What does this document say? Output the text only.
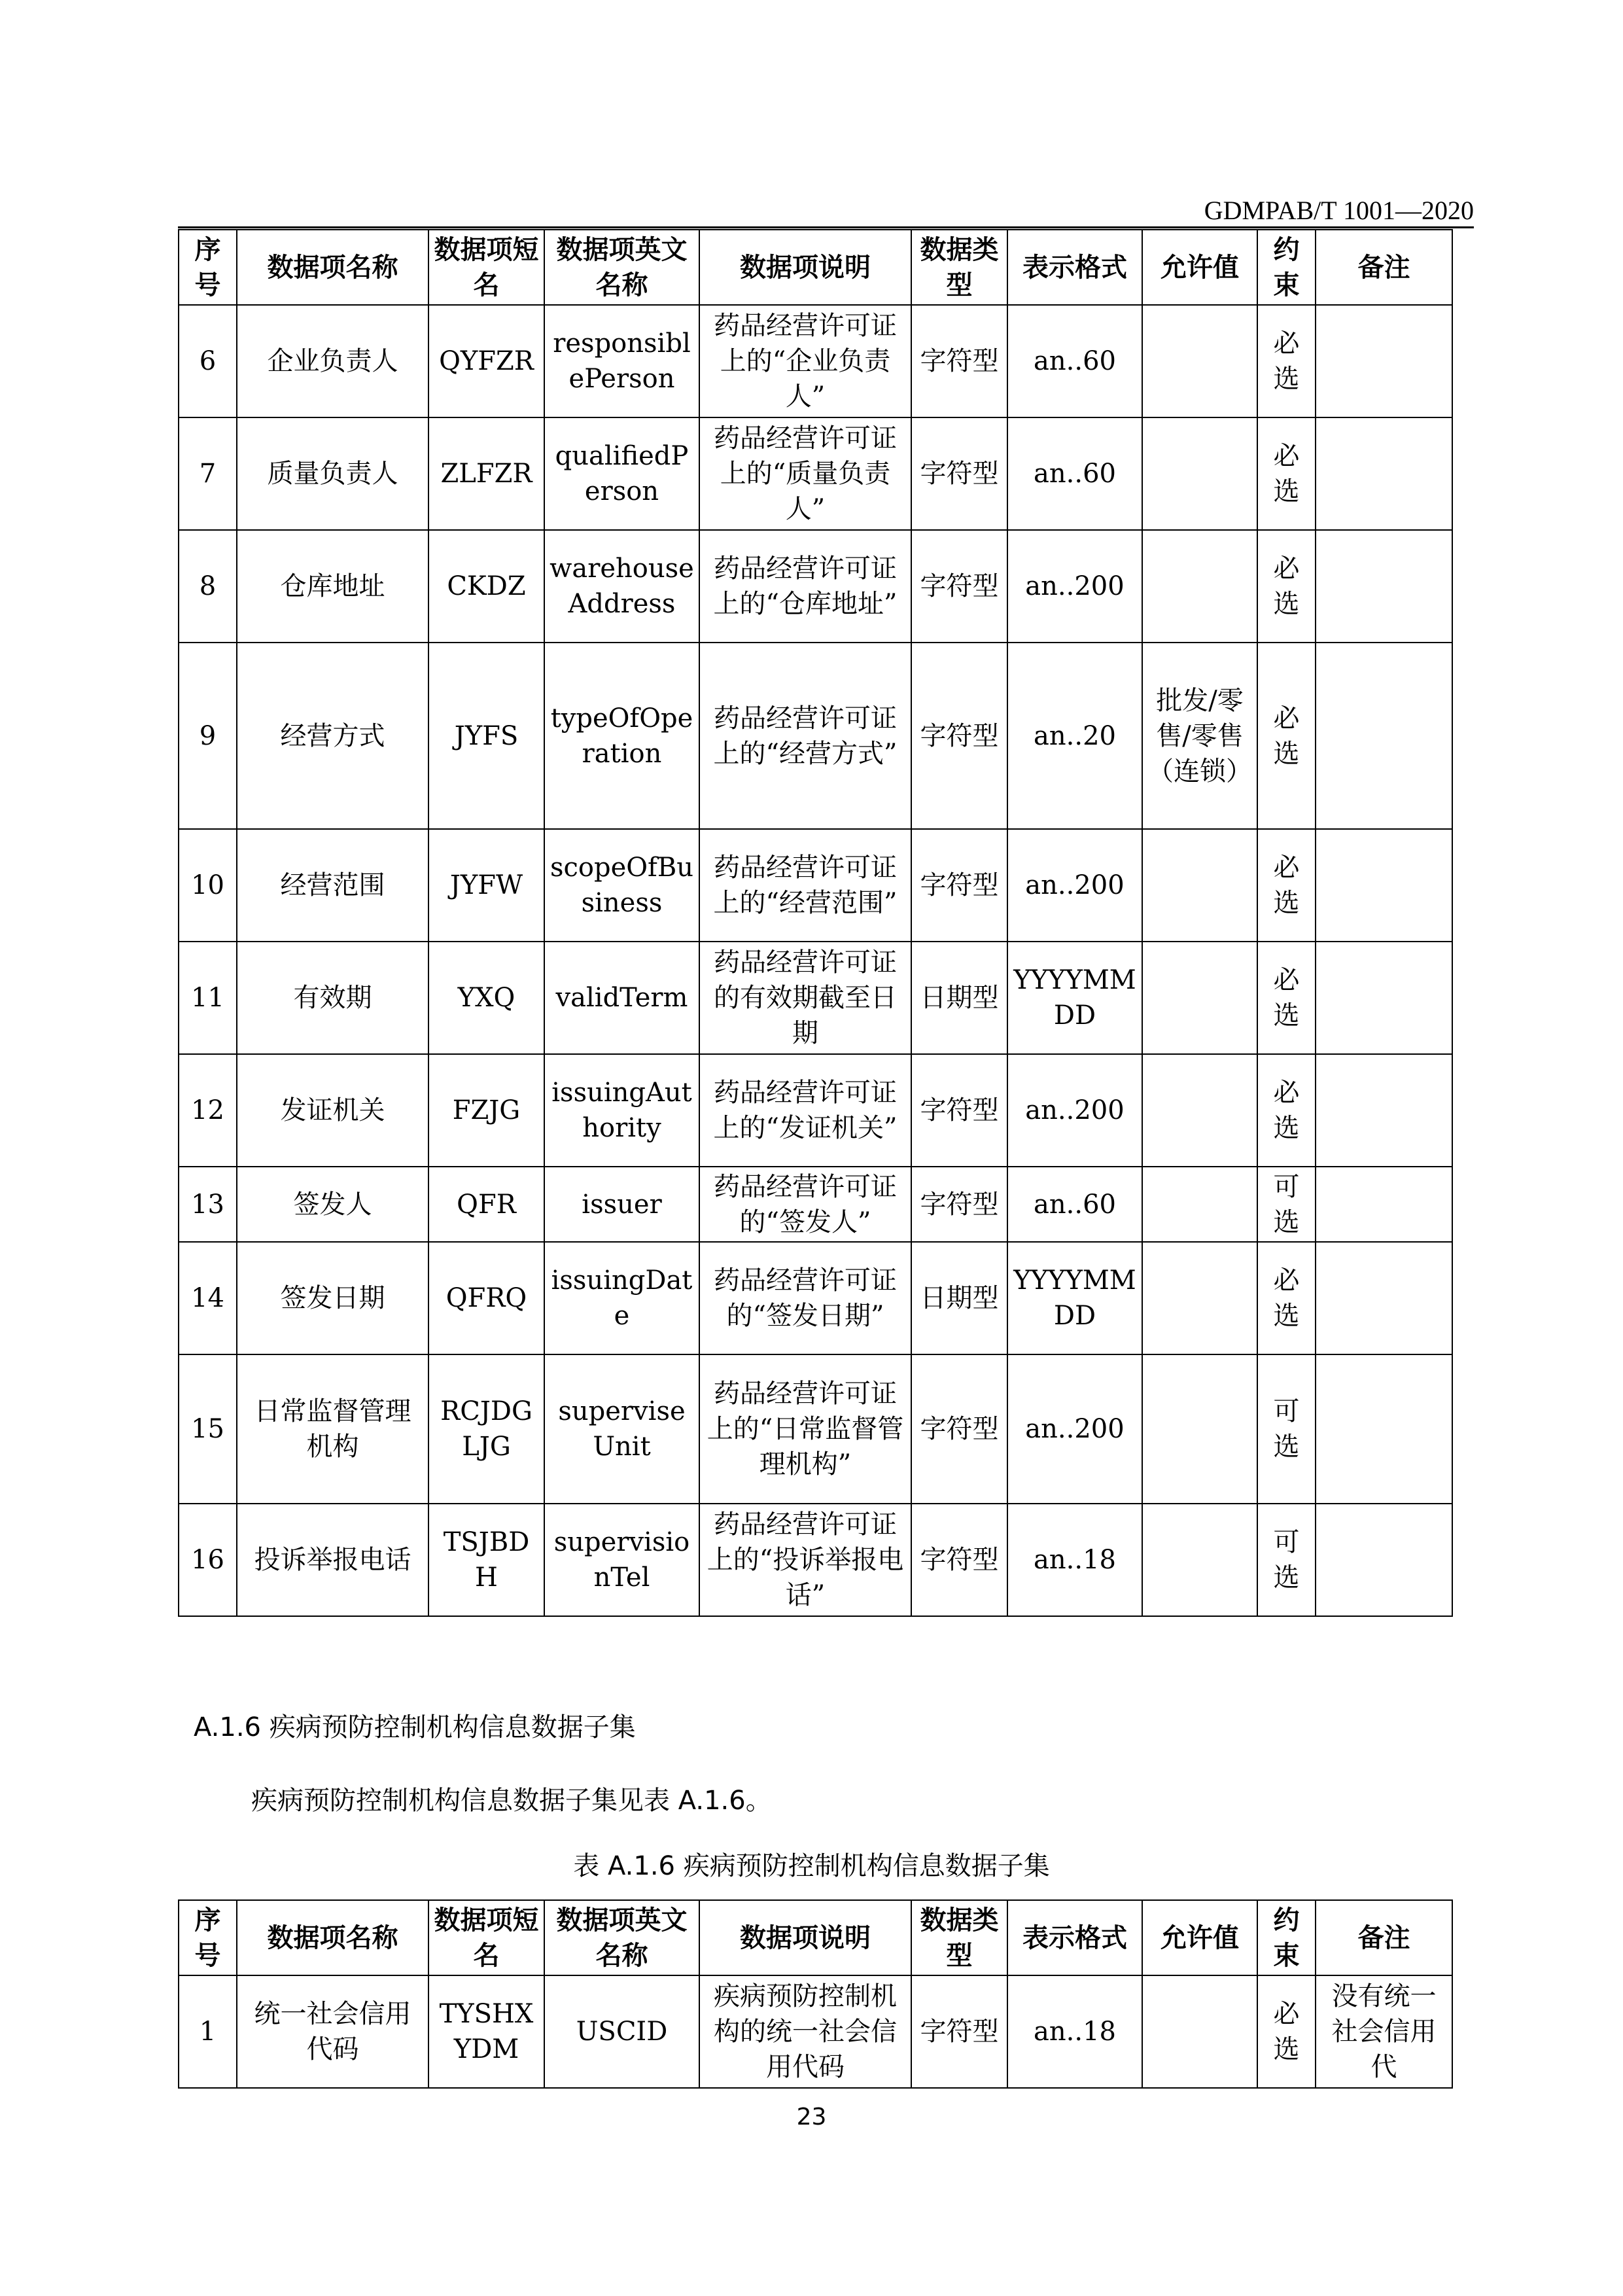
GDMPAB/T 1001—2020
序号	数据项名称	数据项短名	数据项英文名称	数据项说明	数据类型	表示格式	允许值	约束	备注
6	企业负责人	QYFZR	responsiblePerson	药品经营许可证上的“企业负责人”	字符型	an..60		必选	
7	质量负责人	ZLFZR	qualifiedPerson	药品经营许可证上的“质量负责人”	字符型	an..60		必选	
8	仓库地址	CKDZ	warehouseAddress	药品经营许可证上的“仓库地址”	字符型	an..200		必选	
9	经营方式	JYFS	typeOfOperation	药品经营许可证上的“经营方式”	字符型	an..20	批发/零售/零售（连锁）	必选	
10	经营范围	JYFW	scopeOfBusiness	药品经营许可证上的“经营范围”	字符型	an..200		必选	
11	有效期	YXQ	validTerm	药品经营许可证的有效期截至日期	日期型	YYYYMMDD		必选	
12	发证机关	FZJG	issuingAuthority	药品经营许可证上的“发证机关”	字符型	an..200		必选	
13	签发人	QFR	issuer	药品经营许可证的“签发人”	字符型	an..60		可选	
14	签发日期	QFRQ	issuingDate	药品经营许可证的“签发日期”	日期型	YYYYMMDD		必选	
15	日常监督管理机构	RCJDGLJG	superviseUnit	药品经营许可证上的“日常监督管理机构”	字符型	an..200		可选	
16	投诉举报电话	TSJBDH	supervisionTel	药品经营许可证上的“投诉举报电话”	字符型	an..18		可选	
A.1.6 疾病预防控制机构信息数据子集
疾病预防控制机构信息数据子集见表 A.1.6。
表 A.1.6 疾病预防控制机构信息数据子集
序号	数据项名称	数据项短名	数据项英文名称	数据项说明	数据类型	表示格式	允许值	约束	备注
1	统一社会信用代码	TYSHXYDM	USCID	疾病预防控制机构的统一社会信用代码	字符型	an..18		必选	没有统一社会信用代
23
